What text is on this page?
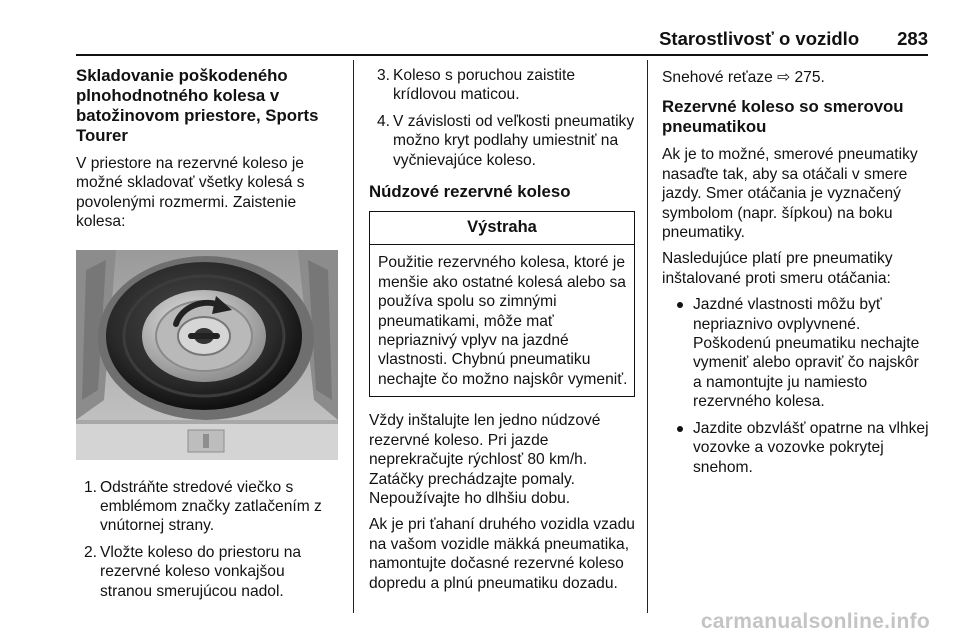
Starostlivosť o vozidlo 283
Skladovanie poškodeného plnohodnotného kolesa v batožinovom priestore, Sports Tourer

V priestore na rezervné koleso je možné skladovať všetky kolesá s povolenými rozmermi. Zaistenie kolesa:

1. Odstráňte stredové viečko s emblémom značky zatlačením z vnútornej strany.
2. Vložte koleso do priestoru na rezervné koleso vonkajšou stranou smerujúcou nadol.
3. Koleso s poruchou zaistite krídlovou maticou.
4. V závislosti od veľkosti pneumatiky možno kryt podlahy umiestniť na vyčnievajúce koleso.
Núdzové rezervné koleso
Výstraha
Použitie rezervného kolesa, ktoré je menšie ako ostatné kolesá alebo sa používa spolu so zimnými pneumatikami, môže mať nepriaznivý vplyv na jazdné vlastnosti. Chybnú pneumatiku nechajte čo možno najskôr vymeniť.

Vždy inštalujte len jedno núdzové rezervné koleso. Pri jazde neprekračujte rýchlosť 80 km/h. Zatáčky prechádzajte pomaly. Nepoužívajte ho dlhšiu dobu.

Ak je pri ťahaní druhého vozidla vzadu na vašom vozidle mäkká pneumatika, namontujte dočasné rezervné koleso dopredu a plnú pneumatiku dozadu.

Snehové reťaze ⇨ 275.

Rezervné koleso so smerovou pneumatikou

Ak je to možné, smerové pneumatiky nasaďte tak, aby sa otáčali v smere jazdy. Smer otáčania je vyznačený symbolom (napr. šípkou) na boku pneumatiky.

Nasledujúce platí pre pneumatiky inštalované proti smeru otáčania:

Jazdné vlastnosti môžu byť nepriaznivo ovplyvnené. Poškodenú pneumatiku nechajte vymeniť alebo opraviť čo najskôr a namontujte ju namiesto rezervného kolesa.
Jazdite obzvlášť opatrne na vlhkej vozovke a vozovke pokrytej snehom.
carmanualsonline.info
